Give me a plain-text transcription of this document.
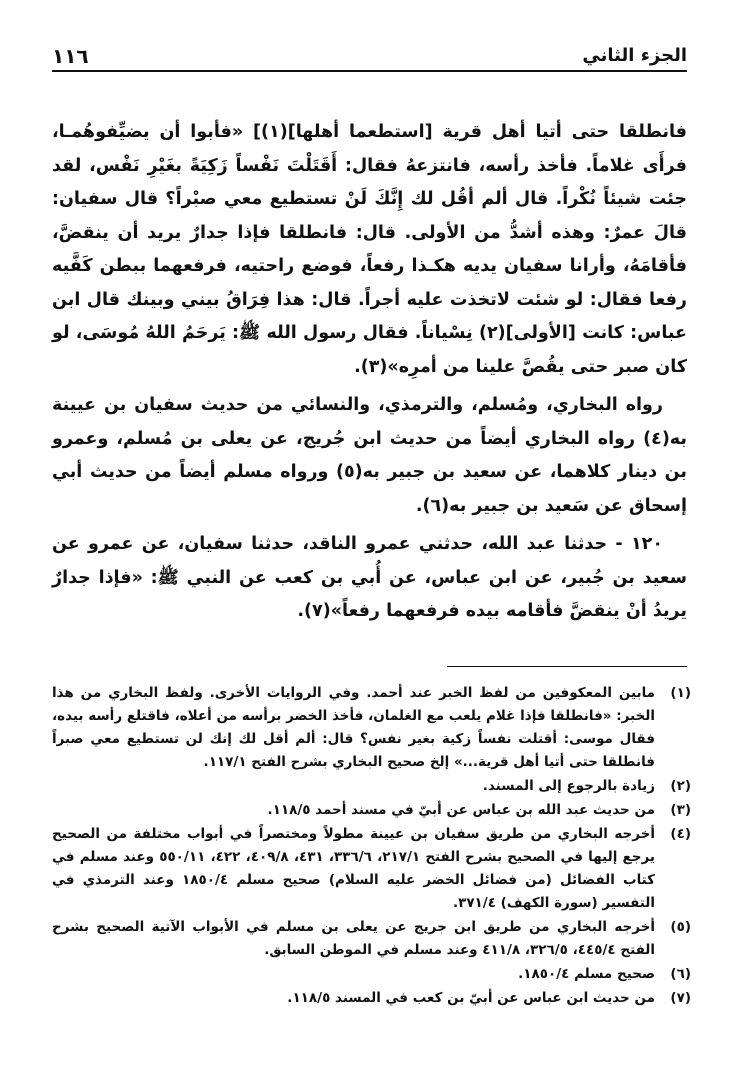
١١٦	الجزء الثاني

فانطلقا حتى أتيا أهل قرية [استطعما أهلها](١)] «فأبوا أن يضيِّفوهُمـا، فرأَى غلاماً. فأخذ رأسه، فانتزعهُ فقال: أَقَتَلْتَ نَفْساً زَكِيَةً بغَيْرِ نَفْس، لقد جئت شيئاً نُكْراً. قال ألم أقُل لك إِنَّكَ لَنْ تستطيع معي صبْراً؟ قال سفيان: قالَ عمرٌ: وهذه أشدُّ من الأولى. قال: فانطلقا فإذا جدارٌ يريد أن ينقضَّ، فأقامَهُ، وأرانا سفيان يديه هكـذا رفعاً، فوضع راحتيه، فرفعهما ببطن كَفَّيه رفعا فقال: لو شئت لاتخذت عليه أجراً. قال: هذا فِرَاقُ بيني وبينك قال ابن عباس: كانت [الأولى](٢) نِسْياناً. فقال رسول الله ﷺ: يَرحَمُ اللهُ مُوسَى، لو كان صبر حتى يقُصَّ علينا من أمرِه»(٣).

رواه البخاري، ومُسلم، والترمذي، والنسائي من حديث سفيان بن عيينة به(٤) رواه البخاري أيضاً من حديث ابن جُريج، عن يعلى بن مُسلم، وعمرو بن دينار كلاهما، عن سعيد بن جبير به(٥) ورواه مسلم أيضاً من حديث أبي إسحاق عن سَعيد بن جبير به(٦).

١٢٠ - حدثنا عبد الله، حدثني عمرو الناقد، حدثنا سفيان، عن عمرو عن سعيد بن جُبير، عن ابن عباس، عن أُبي بن كعب عن النبي ﷺ: «فإذا جدارٌ يريدُ أنْ ينقضَّ فأقامه بيده فرفعهما رفعاً»(٧).

(١)
مابين المعكوفين من لفظ الخبر عند أحمد. وفي الروايات الأخرى. ولفظ البخاري من هذا الخبر: «فانطلقا فإذا غلام يلعب مع الغلمان، فأخذ الخضر برأسه من أعلاه، فاقتلع رأسه بيده، فقال موسى: أقتلت نفساً زكية بغير نفس؟ قال: ألم أقل لك إنك لن تستطيع معي صبراً فانطلقا حتى أتيا أهل قرية...» إلخ صحيح البخاري بشرح الفتح ١١٧/١.
(٢)
زيادة بالرجوع إلى المسند.
(٣)
من حديث عبد الله بن عباس عن أبيّ في مسند أحمد ١١٨/٥.
(٤)
أخرجه البخاري من طريق سفيان بن عيينة مطولاً ومختصراً في أبواب مختلفة من الصحيح يرجع إليها في الصحيح بشرح الفتح ٢١٧/١، ٣٣٦/٦، ٤٣١، ٤٠٩/٨، ٤٢٢، ٥٥٠/١١ وعند مسلم في كتاب الفضائل (من فضائل الخضر عليه السلام) صحيح مسلم ١٨٥٠/٤ وعند الترمذي في التفسير (سورة الكهف) ٣٧١/٤.
(٥)
أخرجه البخاري من طريق ابن جريج عن يعلى بن مسلم في الأبواب الآتية الصحيح بشرح الفتح ٤٤٥/٤، ٣٢٦/٥، ٤١١/٨ وعند مسلم في الموطن السابق.
(٦)
صحيح مسلم ١٨٥٠/٤.
(٧)
من حديث ابن عباس عن أبيّ بن كعب في المسند ١١٨/٥.
